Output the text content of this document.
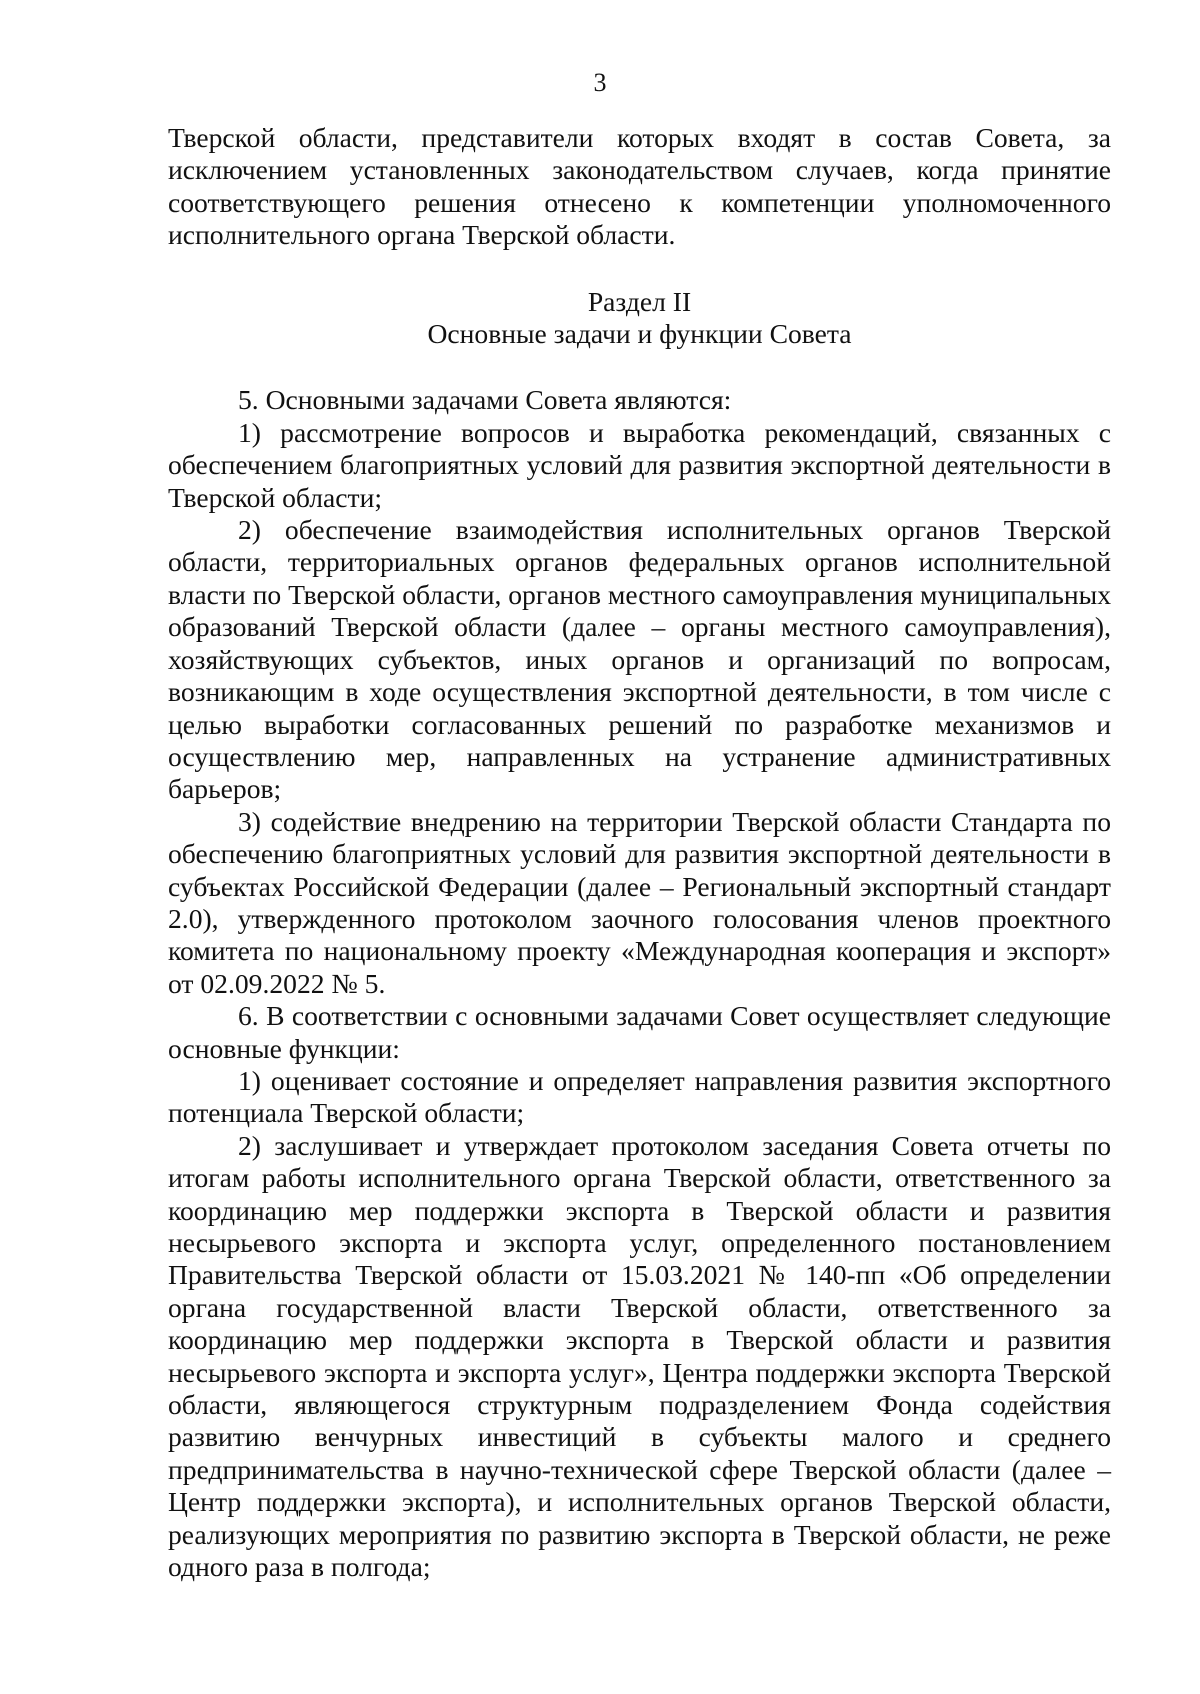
3

Тверской области, представители которых входят в состав Совета, за исключением установленных законодательством случаев, когда принятие соответствующего решения отнесено к компетенции уполномоченного исполнительного органа Тверской области.

Раздел II
Основные задачи и функции Совета

5. Основными задачами Совета являются:

1) рассмотрение вопросов и выработка рекомендаций, связанных с обеспечением благоприятных условий для развития экспортной деятельности в Тверской области;

2) обеспечение взаимодействия исполнительных органов Тверской области, территориальных органов федеральных органов исполнительной власти по Тверской области, органов местного самоуправления муниципальных образований Тверской области (далее – органы местного самоуправления), хозяйствующих субъектов, иных органов и организаций по вопросам, возникающим в ходе осуществления экспортной деятельности, в том числе с целью выработки согласованных решений по разработке механизмов и осуществлению мер, направленных на устранение административных барьеров;

3) содействие внедрению на территории Тверской области Стандарта по обеспечению благоприятных условий для развития экспортной деятельности в субъектах Российской Федерации (далее – Региональный экспортный стандарт 2.0), утвержденного протоколом заочного голосования членов проектного комитета по национальному проекту «Международная кооперация и экспорт» от 02.09.2022 № 5.

6. В соответствии с основными задачами Совет осуществляет следующие основные функции:

1) оценивает состояние и определяет направления развития экспортного потенциала Тверской области;

2) заслушивает и утверждает протоколом заседания Совета отчеты по итогам работы исполнительного органа Тверской области, ответственного за координацию мер поддержки экспорта в Тверской области и развития несырьевого экспорта и экспорта услуг, определенного постановлением Правительства Тверской области от 15.03.2021 № 140-пп «Об определении органа государственной власти Тверской области, ответственного за координацию мер поддержки экспорта в Тверской области и развития несырьевого экспорта и экспорта услуг», Центра поддержки экспорта Тверской области, являющегося структурным подразделением Фонда содействия развитию венчурных инвестиций в субъекты малого и среднего предпринимательства в научно-технической сфере Тверской области (далее – Центр поддержки экспорта), и исполнительных органов Тверской области, реализующих мероприятия по развитию экспорта в Тверской области, не реже одного раза в полгода;
